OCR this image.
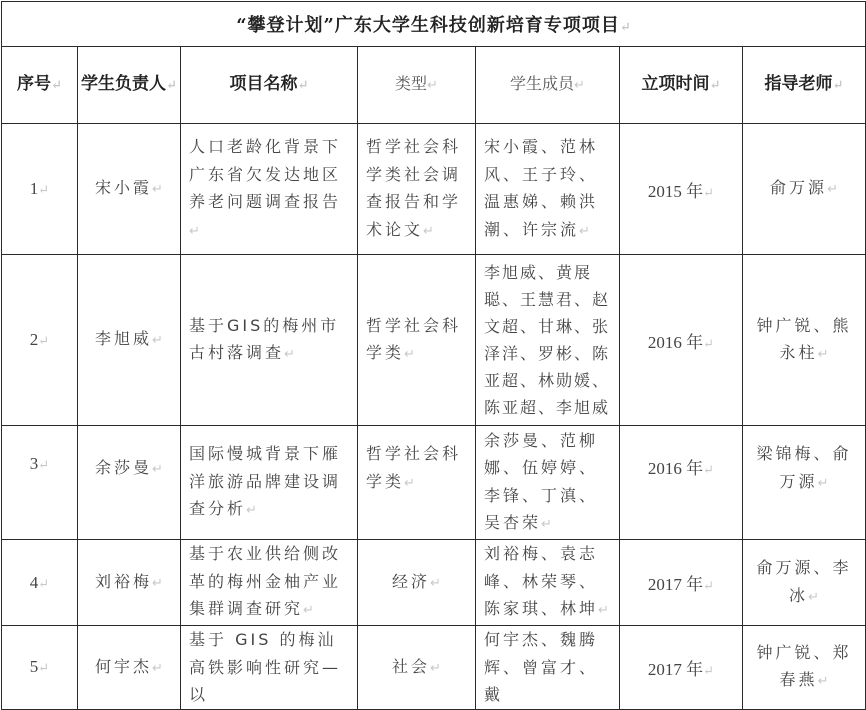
“攀登计划”广东大学生科技创新培育专项项目↵						
序号↵	学生负责人↵	项目名称↵	类型↵	学生成员↵	立项时间↵	指导老师↵
1↵	宋小霞↵	人口老龄化背景下广东省欠发达地区养老问题调查报告↵	哲学社会科学类社会调查报告和学术论文↵	宋小霞、范林风、王子玲、温惠娣、赖洪潮、许宗流↵	2015 年↵	俞万源↵
2↵	李旭威↵	基于GIS的梅州市古村落调查↵	哲学社会科学类↵	李旭威、黄展聪、王慧君、赵文超、甘琳、张泽洋、罗彬、陈亚超、林勋媛、陈亚超、李旭威	2016 年↵	钟广锐、熊永柱↵
3↵	余莎曼↵	国际慢城背景下雁洋旅游品牌建设调查分析↵	哲学社会科学类↵	余莎曼、范柳娜、伍婷婷、李锋、丁滇、吴杏荣↵	2016 年↵	梁锦梅、俞万源↵
4↵	刘裕梅↵	基于农业供给侧改革的梅州金柚产业集群调查研究↵	经济↵	刘裕梅、袁志峰、林荣琴、陈家琪、林坤↵	2017 年↵	俞万源、李冰↵
5↵	何宇杰↵	基于 GIS 的梅汕高铁影响性研究—以	社会↵	何宇杰、魏腾辉、曾富才、戴	2017 年↵	钟广锐、郑春燕↵
